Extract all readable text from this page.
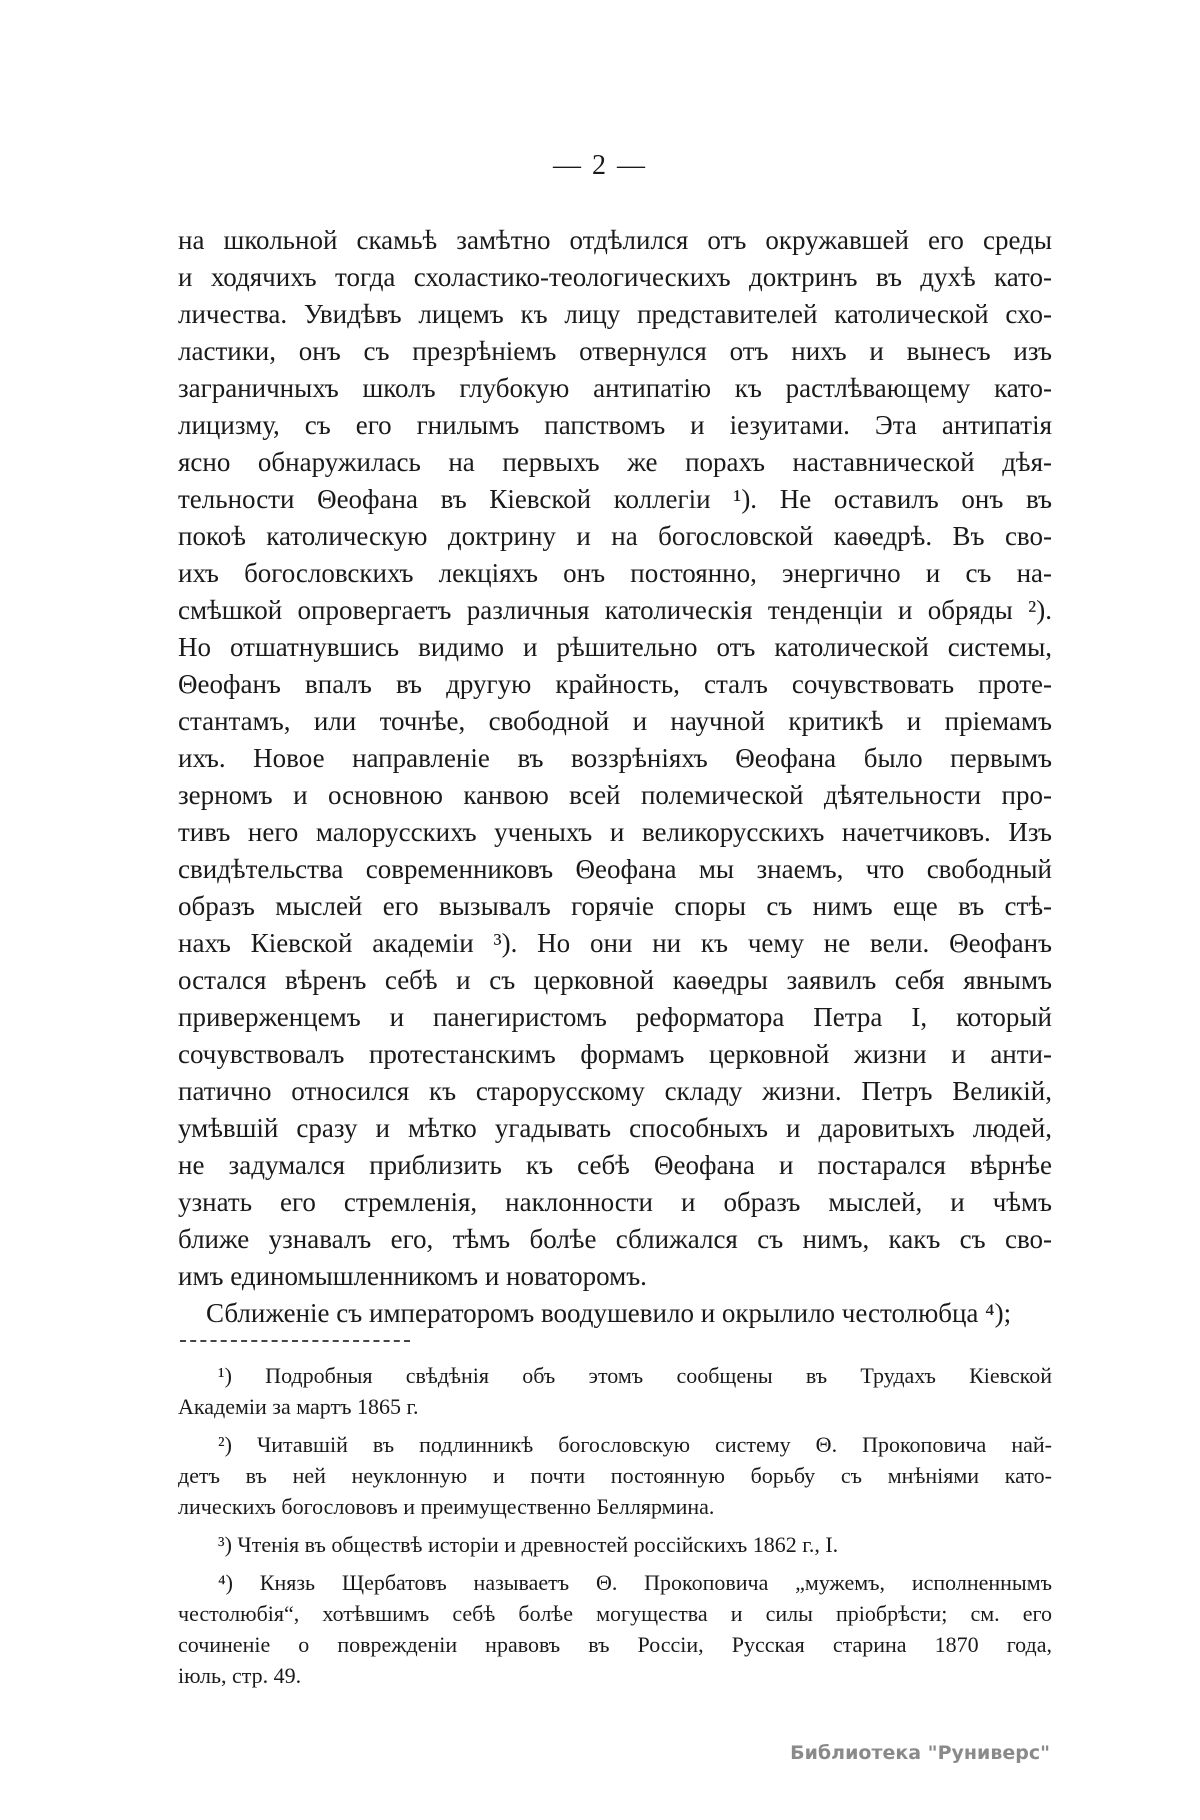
— 2 —
на школьной скамьѣ замѣтно отдѣлился отъ окружавшей его среды
и ходячихъ тогда схоластико-теологическихъ доктринъ въ духѣ като-
личества. Увидѣвъ лицемъ къ лицу представителей католической схо-
ластики, онъ съ презрѣніемъ отвернулся отъ нихъ и вынесъ изъ
заграничныхъ школъ глубокую антипатію къ растлѣвающему като-
лицизму, съ его гнилымъ папствомъ и іезуитами. Эта антипатія
ясно обнаружилась на первыхъ же порахъ наставнической дѣя-
тельности Θеофана въ Кіевской коллегіи ¹). Не оставилъ онъ въ
покоѣ католическую доктрину и на богословской каѳедрѣ. Въ сво-
ихъ богословскихъ лекціяхъ онъ постоянно, энергично и съ на-
смѣшкой опровергаетъ различныя католическія тенденціи и обряды ²).
Но отшатнувшись видимо и рѣшительно отъ католической системы,
Θеофанъ впалъ въ другую крайность, сталъ сочувствовать проте-
стантамъ, или точнѣе, свободной и научной критикѣ и пріемамъ
ихъ. Новое направленіе въ воззрѣніяхъ Θеофана было первымъ
зерномъ и основною канвою всей полемической дѣятельности про-
тивъ него малорусскихъ ученыхъ и великорусскихъ начетчиковъ. Изъ
свидѣтельства современниковъ Θеофана мы знаемъ, что свободный
образъ мыслей его вызывалъ горячіе споры съ нимъ еще въ стѣ-
нахъ Кіевской академіи ³). Но они ни къ чему не вели. Θеофанъ
остался вѣренъ себѣ и съ церковной каѳедры заявилъ себя явнымъ
приверженцемъ и панегиристомъ реформатора Петра I, который
сочувствовалъ протестанскимъ формамъ церковной жизни и анти-
патично относился къ старорусскому складу жизни. Петръ Великій,
умѣвшій сразу и мѣтко угадывать способныхъ и даровитыхъ людей,
не задумался приблизить къ себѣ Θеофана и постарался вѣрнѣе
узнать его стремленія, наклонности и образъ мыслей, и чѣмъ
ближе узнавалъ его, тѣмъ болѣе сближался съ нимъ, какъ съ сво-
имъ единомышленникомъ и новаторомъ.
Сближеніе съ императоромъ воодушевило и окрылило честолюбца ⁴);
¹) Подробныя свѣдѣнія объ этомъ сообщены въ Трудахъ Кіевской
Академіи за мартъ 1865 г.
²) Читавшій въ подлинникѣ богословскую систему Θ. Прокоповича най-
детъ въ ней неуклонную и почти постоянную борьбу съ мнѣніями като-
лическихъ богослововъ и преимущественно Беллярмина.
³) Чтенія въ обществѣ исторіи и древностей россійскихъ 1862 г., I.
⁴) Князь Щербатовъ называетъ Θ. Прокоповича „мужемъ, исполненнымъ
честолюбія“, хотѣвшимъ себѣ болѣе могущества и силы пріобрѣсти; см. его
сочиненіе о поврежденіи нравовъ въ Россіи, Русская старина 1870 года,
іюль, стр. 49.
Библиотека "Руниверс"
